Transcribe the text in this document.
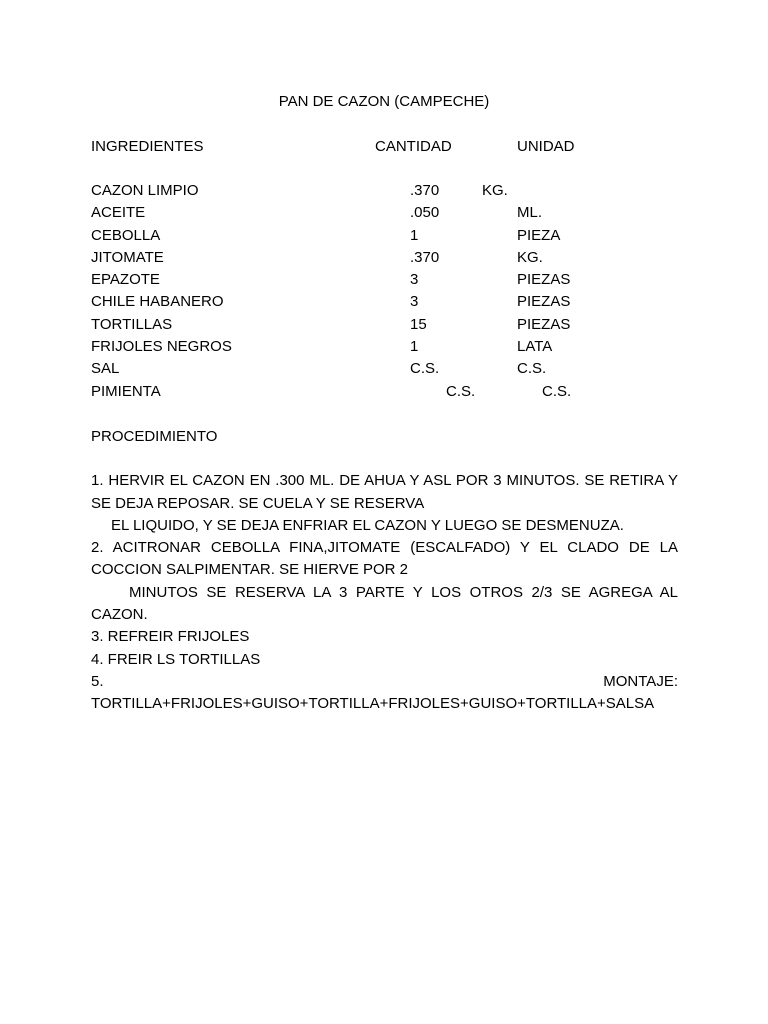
PAN DE CAZON (CAMPECHE)
INGREDIENTES	CANTIDAD	UNIDAD
CAZON LIMPIO	.370	KG.
ACEITE	.050	ML.
CEBOLLA	1	PIEZA
JITOMATE	.370	KG.
EPAZOTE	3	PIEZAS
CHILE HABANERO	3	PIEZAS
TORTILLAS	15	PIEZAS
FRIJOLES NEGROS	1	LATA
SAL	C.S.	C.S.
PIMIENTA	C.S.	C.S.
PROCEDIMIENTO
1. HERVIR EL CAZON EN .300 ML. DE AHUA Y ASL POR 3 MINUTOS. SE RETIRA Y
SE DEJA REPOSAR. SE CUELA Y SE RESERVA
EL LIQUIDO, Y SE DEJA ENFRIAR EL CAZON Y LUEGO SE DESMENUZA.
2. ACITRONAR CEBOLLA FINA,JITOMATE (ESCALFADO) Y EL CLADO DE LA
COCCION SALPIMENTAR. SE HIERVE POR 2
MINUTOS SE RESERVA LA 3 PARTE Y LOS OTROS 2/3 SE AGREGA AL
CAZON.
3. REFREIR FRIJOLES
4. FREIR LS TORTILLAS
5.	MONTAJE:
TORTILLA+FRIJOLES+GUISO+TORTILLA+FRIJOLES+GUISO+TORTILLA+SALSA
